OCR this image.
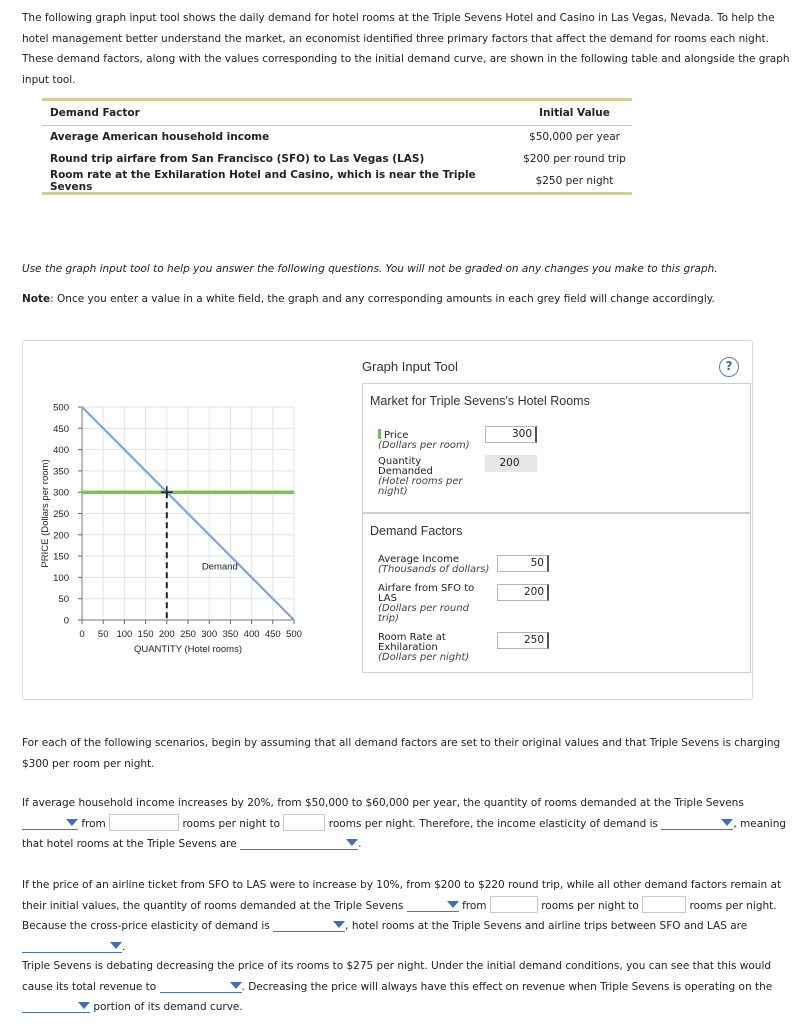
The following graph input tool shows the daily demand for hotel rooms at the Triple Sevens Hotel and Casino in Las Vegas, Nevada. To help the hotel management better understand the market, an economist identified three primary factors that affect the demand for rooms each night. These demand factors, along with the values corresponding to the initial demand curve, are shown in the following table and alongside the graph input tool.

Demand Factor	Initial Value
Average American household income	$50,000 per year
Round trip airfare from San Francisco (SFO) to Las Vegas (LAS)	$200 per round trip
Room rate at the Exhilaration Hotel and Casino, which is near the Triple Sevens	$250 per night

Use the graph input tool to help you answer the following questions. You will not be graded on any changes you make to this graph.

Note: Once you enter a value in a white field, the graph and any corresponding amounts in each grey field will change accordingly.

Graph Input Tool	?
Market for Triple Sevens's Hotel Rooms
Price
(Dollars per room)
300
Quantity Demanded
(Hotel rooms per night)
200
Demand Factors
Average Income
(Thousands of dollars)
50
Airfare from SFO to LAS
(Dollars per round trip)
200
Room Rate at Exhilaration
(Dollars per night)
250
0
50
100
150
200
250
300
350
400
450
500
0 50 100 150 200 250 300 350 400 450 500
Demand
PRICE (Dollars per room)
QUANTITY (Hotel rooms)

For each of the following scenarios, begin by assuming that all demand factors are set to their original values and that Triple Sevens is charging $300 per room per night.

If average household income increases by 20%, from $50,000 to $60,000 per year, the quantity of rooms demanded at the Triple Sevens
from	rooms per night to	rooms per night. Therefore, the income elasticity of demand is	, meaning that hotel rooms at the Triple Sevens are	.

If the price of an airline ticket from SFO to LAS were to increase by 10%, from $200 to $220 round trip, while all other demand factors remain at their initial values, the quantity of rooms demanded at the Triple Sevens	from	rooms per night to	rooms per night. Because the cross-price elasticity of demand is	, hotel rooms at the Triple Sevens and airline trips between SFO and LAS are
.

Triple Sevens is debating decreasing the price of its rooms to $275 per night. Under the initial demand conditions, you can see that this would cause its total revenue to	. Decreasing the price will always have this effect on revenue when Triple Sevens is operating on the
portion of its demand curve.
